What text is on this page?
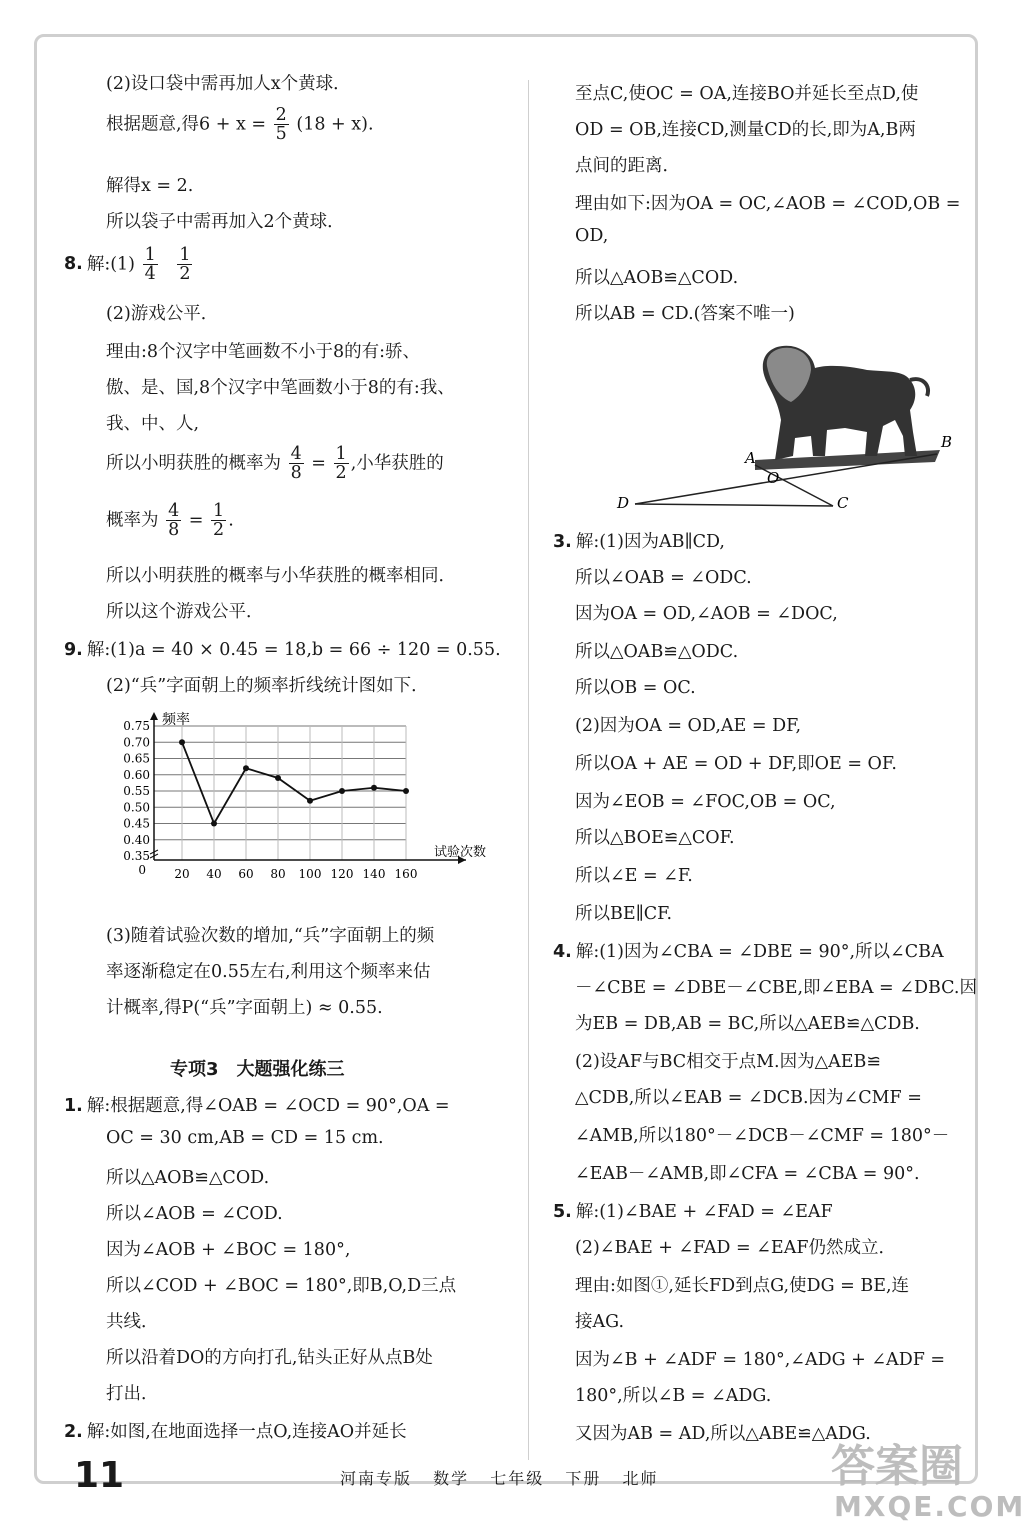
(2)设口袋中需再加人x个黄球．
根据题意,得$6 + x = \frac{2}{5} (18 + x)$.
解得x = 2.
所以袋子中需再加入2个黄球．
8. 解:(1) $\frac{1}{4}$
$\frac{1}{2}$
(2)游戏公平．
理由:8个汉字中笔画数不小于8的有:骄、
傲、是、国,8个汉字中笔画数小于8的有:我、
我、中、人,
所以小明获胜的概率为 $\frac{4}{8} = \frac{1}{2}$ ,小华获胜的
概率为 $\frac{4}{8} = \frac{1}{2}$ .
所以小明获胜的概率与小华获胜的概率相同．
所以这个游戏公平．
9. 解:(1)a = 40 × 0.45 = 18,b = 66 ÷ 120 = 0.55.
(2)“兵”字面朝上的频率折线统计图如下．
0.35
0.40
0.45
0.50
0.55
0.60
0.65
0.70
0.75
20 40 60 80 100 120 140 160
0
频率
试验次数
(3)随着试验次数的增加,“兵”字面朝上的频
率逐渐稳定在0.55左右,利用这个频率来估
计概率,得P(“兵”字面朝上) ≈ 0.55.
1. 解:根据题意,得∠OAB = ∠OCD = 90°,OA =
OC = 30 cm,AB = CD = 15 cm.
所以△AOB≌△COD.
所以∠AOB = ∠COD.
因为∠AOB + ∠BOC = 180°,
所以∠COD + ∠BOC = 180°,即B,O,D三点
共线．
所以沿着DO的方向打孔,钻头正好从点B处
打出．
2. 解:如图,在地面选择一点O,连接AO并延长
专项3　大题强化练三
至点C,使OC = OA,连接BO并延长至点D,使
OD = OB,连接CD,测量CD的长,即为A,B两
点间的距离．
理由如下:因为OA = OC,∠AOB = ∠COD,OB =
OD,
所以△AOB≌△COD.
所以AB = CD.(答案不唯一)
A
B
O
C
D
3. 解:(1)因为AB∥CD,
所以∠OAB = ∠ODC.
因为OA = OD,∠AOB = ∠DOC,
所以△OAB≌△ODC.
所以OB = OC.
(2)因为OA = OD,AE = DF,
所以OA + AE = OD + DF,即OE = OF.
因为∠EOB = ∠FOC,OB = OC,
所以△BOE≌△COF.
所以∠E = ∠F.
所以BE∥CF.
4. 解:(1)因为∠CBA = ∠DBE = 90°,所以∠CBA
－∠CBE = ∠DBE－∠CBE,即∠EBA = ∠DBC.因
为EB = DB,AB = BC,所以△AEB≌△CDB.
(2)设AF与BC相交于点M.因为△AEB≌
△CDB,所以∠EAB = ∠DCB.因为∠CMF =
∠AMB,所以180°－∠DCB－∠CMF = 180°－
∠EAB－∠AMB,即∠CFA = ∠CBA = 90°.
5. 解:(1)∠BAE + ∠FAD = ∠EAF
(2)∠BAE + ∠FAD = ∠EAF仍然成立．
理由:如图①,延长FD到点G,使DG = BE,连
接AG.
因为∠B + ∠ADF = 180°,∠ADG + ∠ADF =
180°,所以∠B = ∠ADG.
又因为AB = AD,所以△ABE≌△ADG.
11	河南专版 数学 七年级 下册 北师	答案圈
MXQE.COM
